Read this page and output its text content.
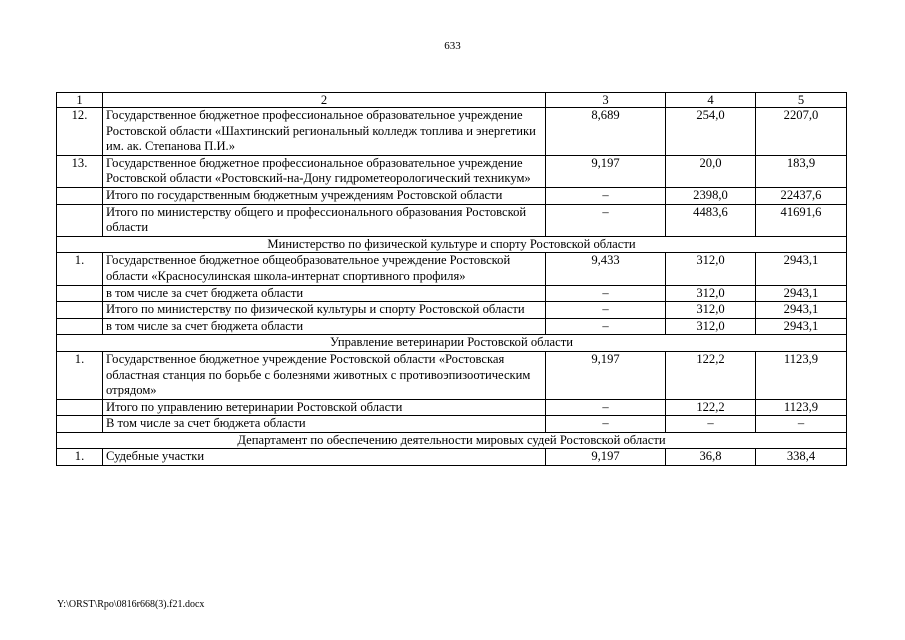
633
1	2	3	4	5
12.	Государственное бюджетное профессиональное образовательное учреждение Ростовской области «Шахтинский региональный колледж топлива и энергетики им. ак. Степанова П.И.»	8,689	254,0	2207,0
13.	Государственное бюджетное профессиональное образовательное учреждение Ростовской области «Ростовский-на-Дону гидрометеорологический техникум»	9,197	20,0	183,9
	Итого по государственным бюджетным учреждениям Ростовской области	–	2398,0	22437,6
	Итого по министерству общего и профессионального образования Ростовской области	–	4483,6	41691,6
Министерство по физической культуре и спорту Ростовской области				
1.	Государственное бюджетное общеобразовательное учреждение Ростовской области «Красносулинская школа-интернат спортивного профиля»	9,433	312,0	2943,1
	в том числе за счет бюджета области	–	312,0	2943,1
	Итого по министерству по физической культуры и спорту Ростовской области	–	312,0	2943,1
	в том числе за счет бюджета области	–	312,0	2943,1
Управление ветеринарии Ростовской области				
1.	Государственное бюджетное учреждение Ростовской области «Ростовская областная станция по борьбе с болезнями животных с противоэпизоотическим отрядом»	9,197	122,2	1123,9
	Итого по управлению ветеринарии Ростовской области	–	122,2	1123,9
	В том числе за счет бюджета области	–	–	–
Департамент по обеспечению деятельности мировых судей Ростовской области				
1.	Судебные участки	9,197	36,8	338,4
Y:\ORST\Rpo\0816r668(3).f21.docx
